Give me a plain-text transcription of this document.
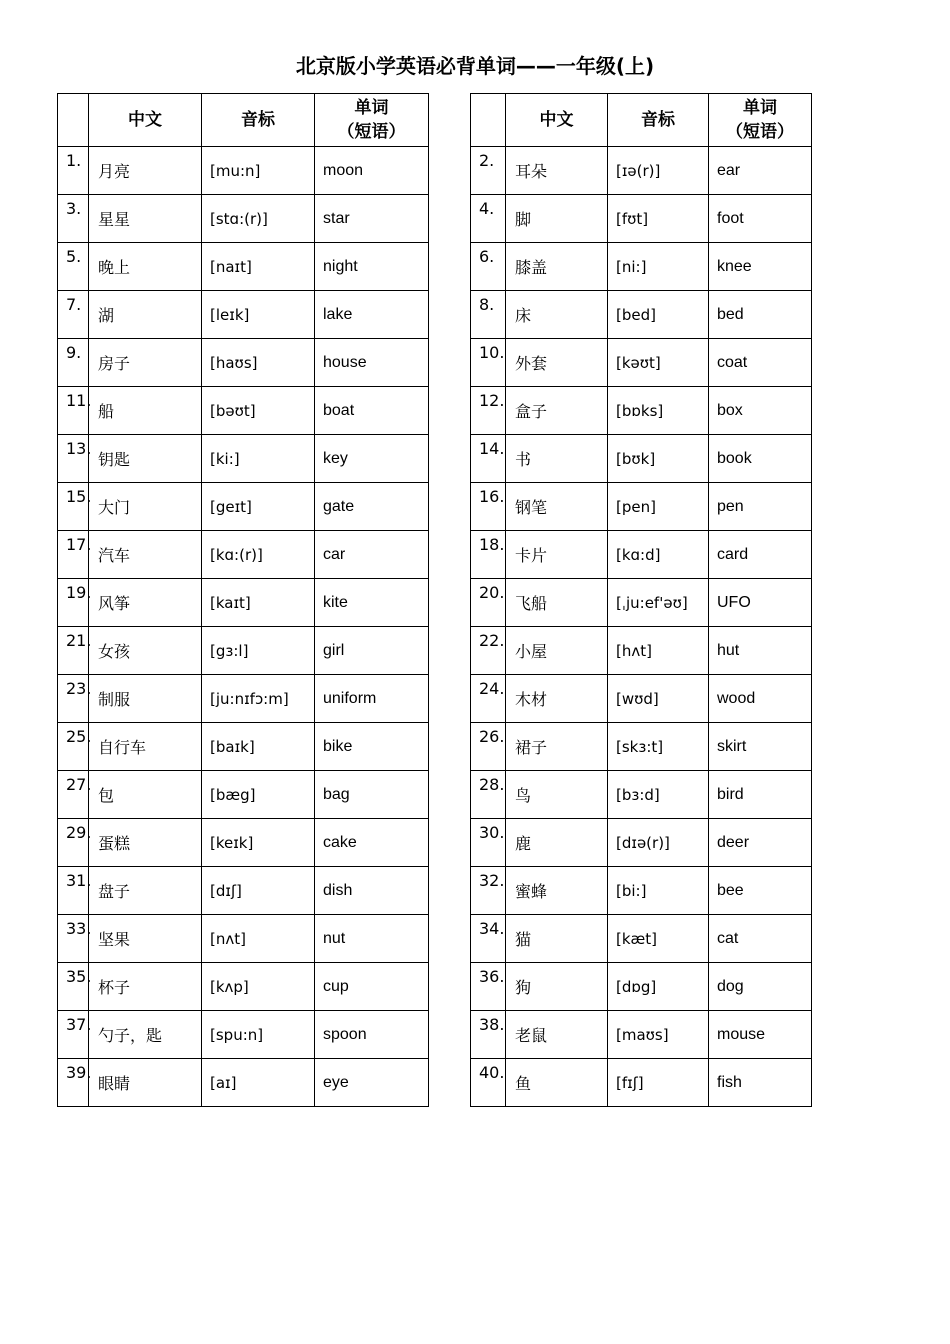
北京版小学英语必背单词——一年级(上)
	中文	音标	单词
（短语）
1.	月亮	[mu:n]	moon
3.	星星	[stɑ:(r)]	star
5.	晚上	[naɪt]	night
7.	湖	[leɪk]	lake
9.	房子	[haʊs]	house
11.	船	[bəʊt]	boat
13.	钥匙	[ki:]	key
15.	大门	[geɪt]	gate
17.	汽车	[kɑ:(r)]	car
19.	风筝	[kaɪt]	kite
21.	女孩	[gɜ:l]	girl
23.	制服	[ju:nɪfɔ:m]	uniform
25.	自行车	[baɪk]	bike
27.	包	[bæg]	bag
29.	蛋糕	[keɪk]	cake
31.	盘子	[dɪʃ]	dish
33.	坚果	[nʌt]	nut
35.	杯子	[kʌp]	cup
37.	勺子，匙	[spu:n]	spoon
39.	眼睛	[aɪ]	eye
	中文	音标	单词
（短语）
2.	耳朵	[ɪə(r)]	ear
4.	脚	[fʊt]	foot
6.	膝盖	[ni:]	knee
8.	床	[bed]	bed
10.	外套	[kəʊt]	coat
12.	盒子	[bɒks]	box
14.	书	[bʊk]	book
16.	钢笔	[pen]	pen
18.	卡片	[kɑ:d]	card
20.	飞船	[ˌju:ef'əʊ]	UFO
22.	小屋	[hʌt]	hut
24.	木材	[wʊd]	wood
26.	裙子	[skɜ:t]	skirt
28.	鸟	[bɜ:d]	bird
30.	鹿	[dɪə(r)]	deer
32.	蜜蜂	[bi:]	bee
34.	猫	[kæt]	cat
36.	狗	[dɒg]	dog
38.	老鼠	[maʊs]	mouse
40.	鱼	[fɪʃ]	fish
